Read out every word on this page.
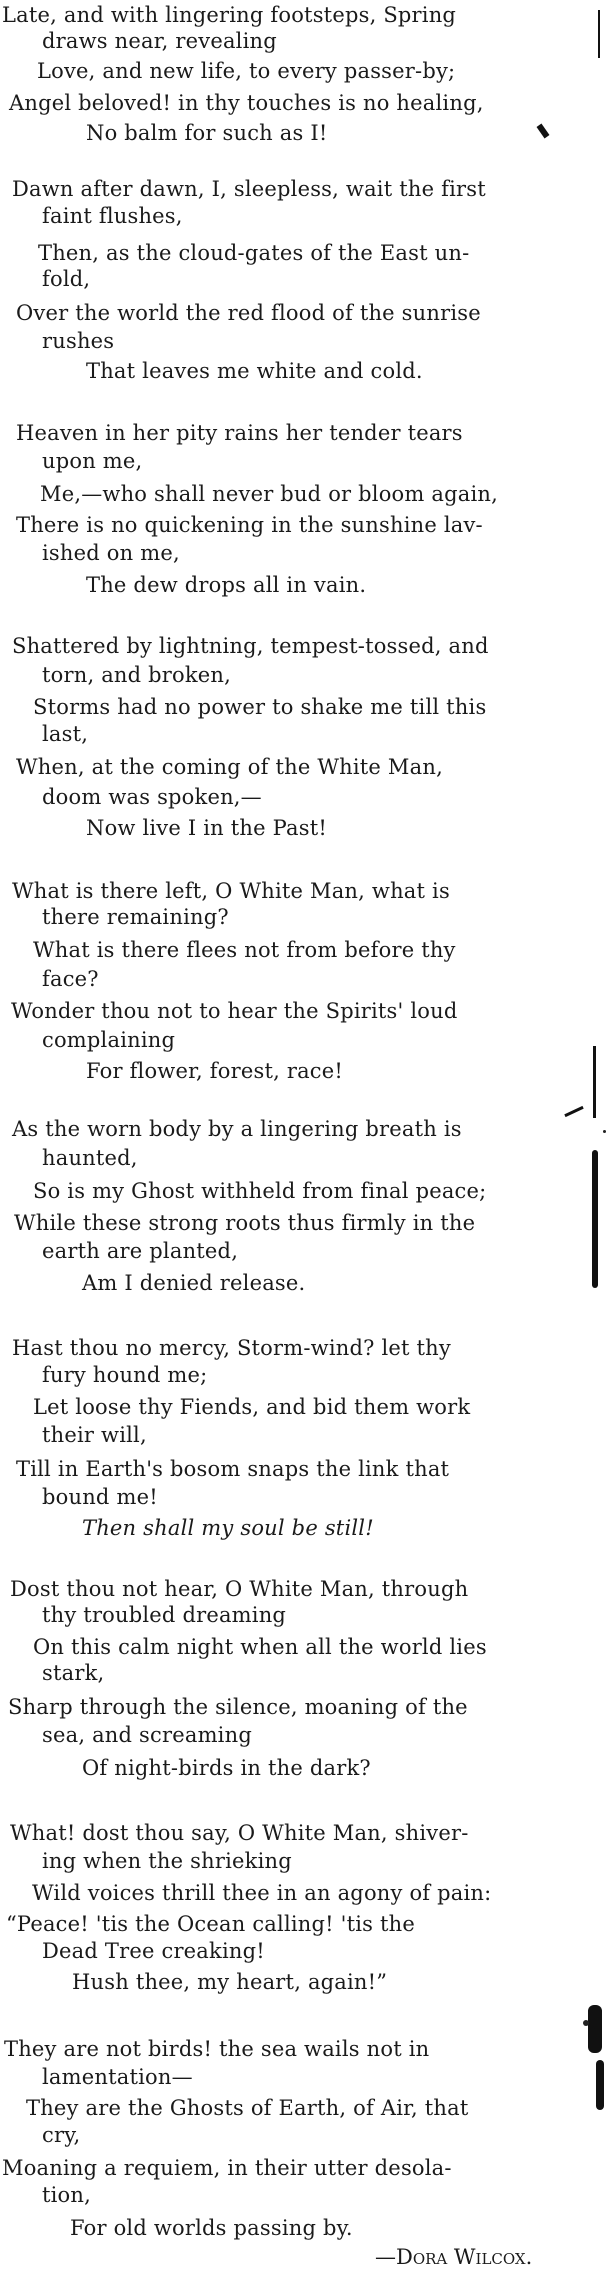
Late, and with lingering footsteps, Spring
draws near, revealing
Love, and new life, to every passer-by;
Angel beloved! in thy touches is no healing,
No balm for such as I!
Dawn after dawn, I, sleepless, wait the first
faint flushes,
Then, as the cloud-gates of the East un-
fold,
Over the world the red flood of the sunrise
rushes
That leaves me white and cold.
Heaven in her pity rains her tender tears
upon me,
Me,—who shall never bud or bloom again,
There is no quickening in the sunshine lav-
ished on me,
The dew drops all in vain.
Shattered by lightning, tempest-tossed, and
torn, and broken,
Storms had no power to shake me till this
last,
When, at the coming of the White Man,
doom was spoken,—
Now live I in the Past!
What is there left, O White Man, what is
there remaining?
What is there flees not from before thy
face?
Wonder thou not to hear the Spirits' loud
complaining
For flower, forest, race!
As the worn body by a lingering breath is
haunted,
So is my Ghost withheld from final peace;
While these strong roots thus firmly in the
earth are planted,
Am I denied release.
Hast thou no mercy, Storm-wind? let thy
fury hound me;
Let loose thy Fiends, and bid them work
their will,
Till in Earth's bosom snaps the link that
bound me!
Then shall my soul be still!
Dost thou not hear, O White Man, through
thy troubled dreaming
On this calm night when all the world lies
stark,
Sharp through the silence, moaning of the
sea, and screaming
Of night-birds in the dark?
What! dost thou say, O White Man, shiver-
ing when the shrieking
Wild voices thrill thee in an agony of pain:
“Peace! 'tis the Ocean calling! 'tis the
Dead Tree creaking!
Hush thee, my heart, again!”
They are not birds! the sea wails not in
lamentation—
They are the Ghosts of Earth, of Air, that
cry,
Moaning a requiem, in their utter desola-
tion,
For old worlds passing by.
—Dora Wilcox.
